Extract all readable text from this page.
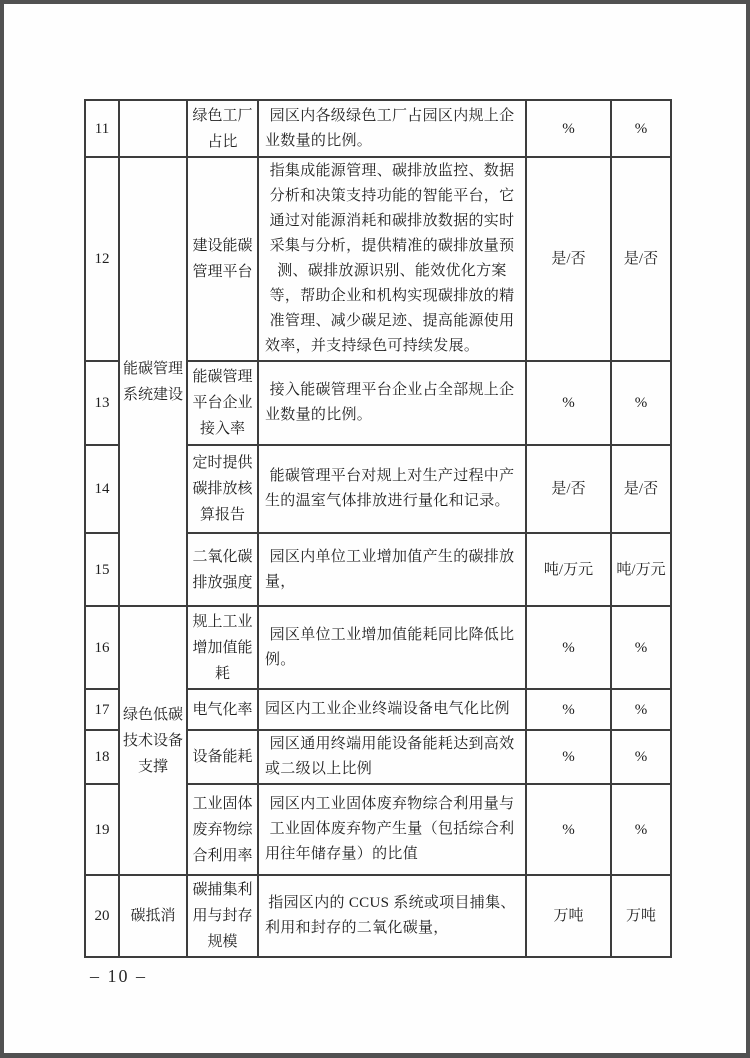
11		绿色工厂占比	园区内各级绿色工厂占园区内规上企业数量的比例。	%	%
12	能碳管理系统建设	建设能碳管理平台	指集成能源管理、碳排放监控、数据分析和决策支持功能的智能平台，它通过对能源消耗和碳排放数据的实时采集与分析，提供精准的碳排放量预测、碳排放源识别、能效优化方案等，帮助企业和机构实现碳排放的精准管理、减少碳足迹、提高能源使用效率，并支持绿色可持续发展。	是/否	是/否
13		能碳管理平台企业接入率	接入能碳管理平台企业占全部规上企业数量的比例。	%	%
14		定时提供碳排放核算报告	能碳管理平台对规上对生产过程中产生的温室气体排放进行量化和记录。	是/否	是/否
15		二氧化碳排放强度	园区内单位工业增加值产生的碳排放量，	吨/万元	吨/万元
16	绿色低碳技术设备支撑	规上工业增加值能耗	园区单位工业增加值能耗同比降低比例。	%	%
17		电气化率	园区内工业企业终端设备电气化比例	%	%
18		设备能耗	园区通用终端用能设备能耗达到高效或二级以上比例	%	%
19		工业固体废弃物综合利用率	园区内工业固体废弃物综合利用量与工业固体废弃物产生量（包括综合利用往年储存量）的比值	%	%
20	碳抵消	碳捕集利用与封存规模	指园区内的 CCUS 系统或项目捕集、利用和封存的二氧化碳量，	万吨	万吨
– 10 –
